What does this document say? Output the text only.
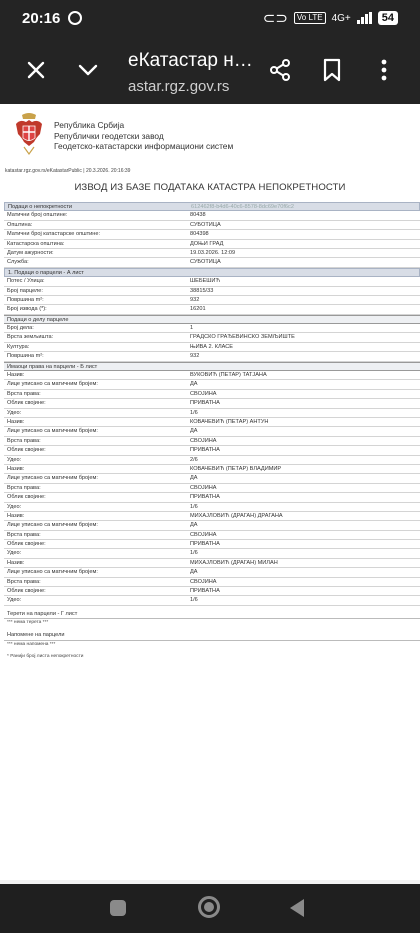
20:16	⊂⊃	Vo LTE 4G+	54
еКатастар н…
astar.rgz.gov.rs
Република Србија
Републички геодетски завод
Геодетско-катастарски информациони систем
katastar.rgz.gov.rs/eKatastarPublic | 20.3.2026. 20:16:39
ИЗВОД ИЗ БАЗЕ ПОДАТАКА КАТАСТРА НЕПОКРЕТНОСТИ
Подаци о непокретности	612462f8-b4d6-40c6-8578-8dc69e70f6c2
Матични број општине:	80438
Општина:	СУБОТИЦА
Матични број катастарске општине:	804398
Катастарска општина:	ДОЊИ ГРАД
Датум ажурности:	19.03.2026. 12:09
Служба:	СУБОТИЦА
1. Подаци о парцели - А лист
Потес / Улица:	ШЕБЕШИЋ
Број парцеле:	38815/33
Површина m²:	932
Број извода (*):	16201
Подаци о делу парцеле
Број дела:	1
Врста земљишта:	ГРАДСКО ГРАЂЕВИНСКО ЗЕМЉИШТЕ
Култура:	ЊИВА 2. КЛАСЕ
Површина m²:	932
Имаоци права на парцели - Б лист
Назив:	ВУКОВИЋ (ПЕТАР) ТАТЈАНА
Лице уписано са матичним бројем:	ДА
Врста права:	СВОЈИНА
Облик својине:	ПРИВАТНА
Удео:	1/6
Назив:	КОВАЧЕВИЋ (ПЕТАР) АНТУН
Лице уписано са матичним бројем:	ДА
Врста права:	СВОЈИНА
Облик својине:	ПРИВАТНА
Удео:	2/6
Назив:	КОВАЧЕВИЋ (ПЕТАР) ВЛАДИМИР
Лице уписано са матичним бројем:	ДА
Врста права:	СВОЈИНА
Облик својине:	ПРИВАТНА
Удео:	1/6
Назив:	МИХАЈЛОВИЋ (ДРАГАН) ДРАГАНА
Лице уписано са матичним бројем:	ДА
Врста права:	СВОЈИНА
Облик својине:	ПРИВАТНА
Удео:	1/6
Назив:	МИХАЈЛОВИЋ (ДРАГАН) МИЛАН
Лице уписано са матичним бројем:	ДА
Врста права:	СВОЈИНА
Облик својине:	ПРИВАТНА
Удео:	1/6
Терети на парцели - Г лист
*** нема терета ***
Напомене на парцели
*** нема напомена ***
* Ранији број листа непокретности
